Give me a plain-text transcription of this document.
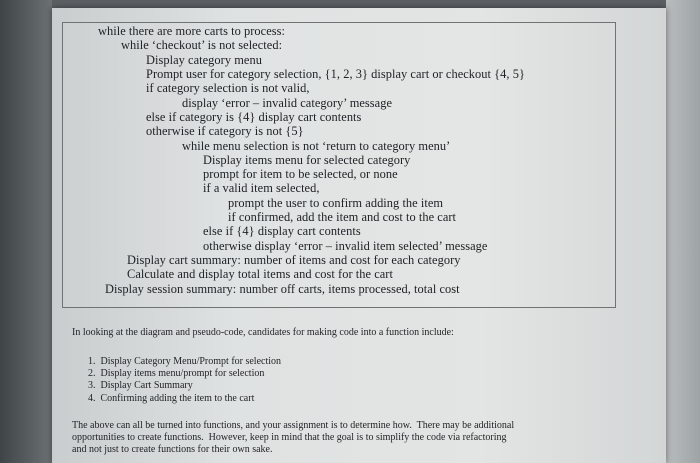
while there are more carts to process:
while ‘checkout’ is not selected:
Display category menu
Prompt user for category selection, {1, 2, 3} display cart or checkout {4, 5}
if category selection is not valid,
display ‘error – invalid category’ message
else if category is {4} display cart contents
otherwise if category is not {5}
while menu selection is not ‘return to category menu’
Display items menu for selected category
prompt for item to be selected, or none
if a valid item selected,
prompt the user to confirm adding the item
if confirmed, add the item and cost to the cart
else if {4} display cart contents
otherwise display ‘error – invalid item selected’ message
Display cart summary: number of items and cost for each category
Calculate and display total items and cost for the cart
Display session summary: number off carts, items processed, total cost
In looking at the diagram and pseudo-code, candidates for making code into a function include:
1.  Display Category Menu/Prompt for selection
2.  Display items menu/prompt for selection
3.  Display Cart Summary
4.  Confirming adding the item to the cart
The above can all be turned into functions, and your assignment is to determine how.  There may be additional
opportunities to create functions.  However, keep in mind that the goal is to simplify the code via refactoring
and not just to create functions for their own sake.
